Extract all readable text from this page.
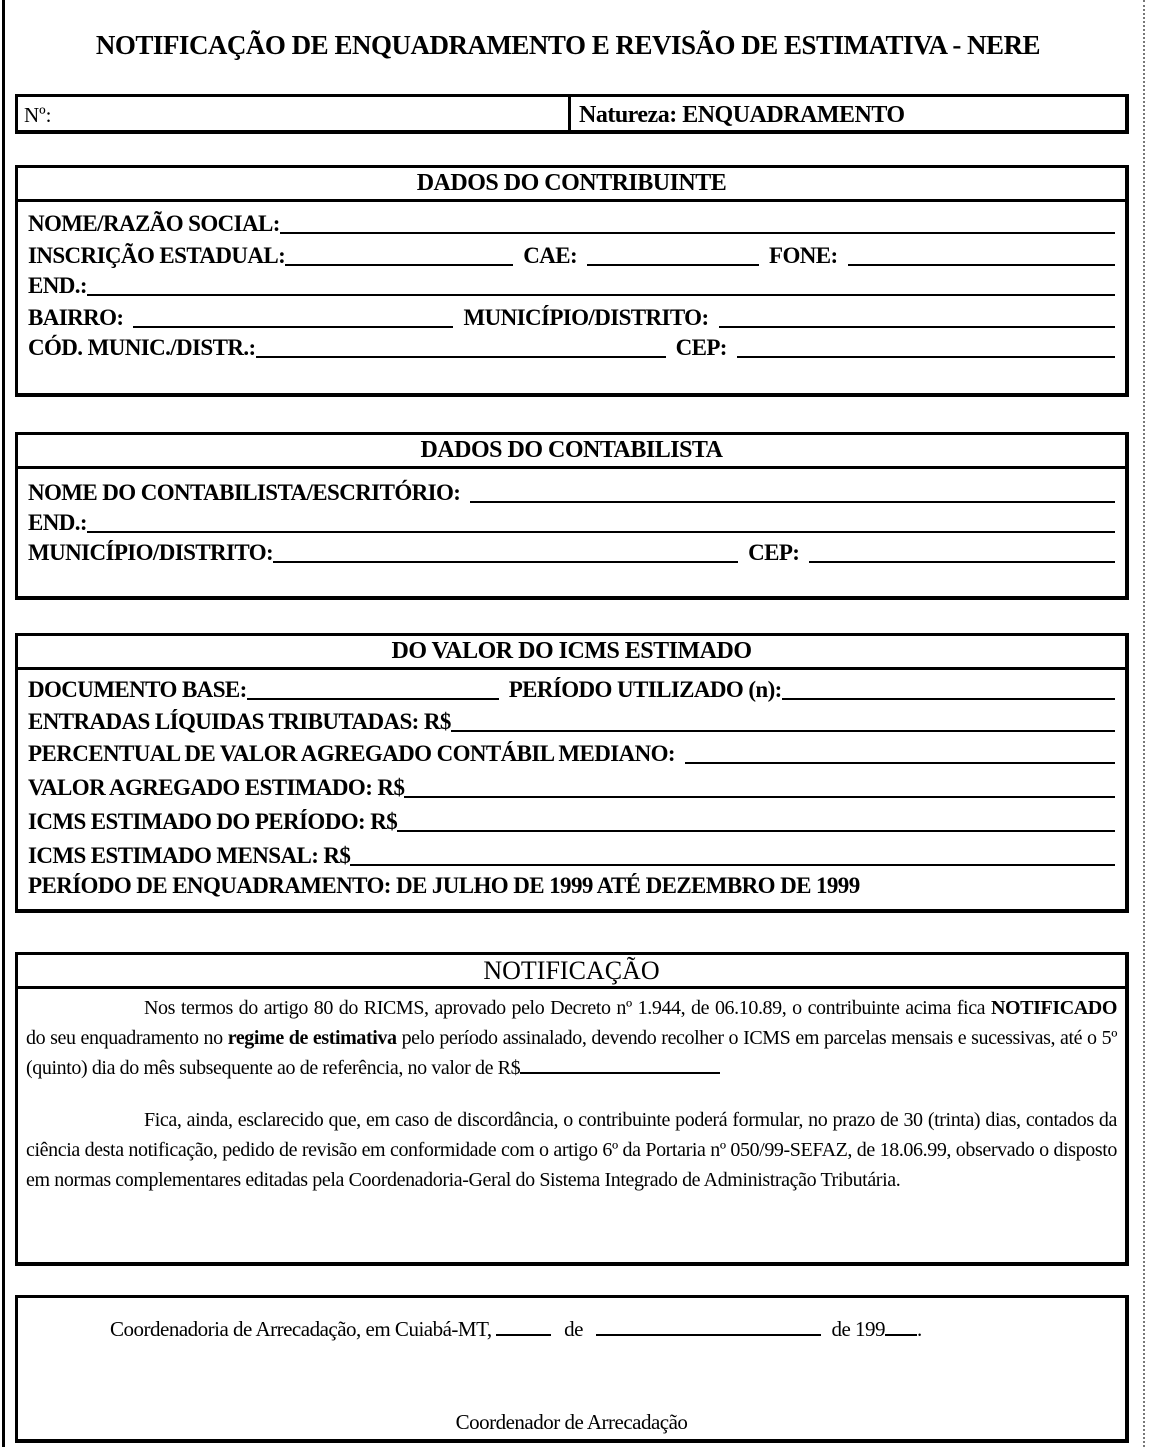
NOTIFICAÇÃO DE ENQUADRAMENTO E REVISÃO DE ESTIMATIVA - NERE
Nº:	Natureza: ENQUADRAMENTO
DADOS DO CONTRIBUINTE
NOME/RAZÃO SOCIAL:
INSCRIÇÃO ESTADUAL:	CAE:	FONE:
END.:
BAIRRO:	MUNICÍPIO/DISTRITO:
CÓD. MUNIC./DISTR.:	CEP:
DADOS DO CONTABILISTA
NOME DO CONTABILISTA/ESCRITÓRIO:
END.:
MUNICÍPIO/DISTRITO:	CEP:
DO VALOR DO ICMS ESTIMADO
DOCUMENTO BASE:	PERÍODO UTILIZADO (n):
ENTRADAS LÍQUIDAS TRIBUTADAS: R$
PERCENTUAL DE VALOR AGREGADO CONTÁBIL MEDIANO:
VALOR AGREGADO ESTIMADO: R$
ICMS ESTIMADO DO PERÍODO: R$
ICMS ESTIMADO MENSAL: R$
PERÍODO DE ENQUADRAMENTO: DE JULHO DE 1999 ATÉ DEZEMBRO DE 1999
NOTIFICAÇÃO

Nos termos do artigo 80 do RICMS, aprovado pelo Decreto nº 1.944, de 06.10.89, o contribuinte acima fica NOTIFICADO do seu enquadramento no regime de estimativa pelo período assinalado, devendo recolher o ICMS em parcelas mensais e sucessivas, até o 5º (quinto) dia do mês subsequente ao de referência, no valor de R$

Fica, ainda, esclarecido que, em caso de discordância, o contribuinte poderá formular, no prazo de 30 (trinta) dias, contados da ciência desta notificação, pedido de revisão em conformidade com o artigo 6º da Portaria nº 050/99-SEFAZ, de 18.06.99, observado o disposto em normas complementares editadas pela Coordenadoria-Geral do Sistema Integrado de Administração Tributária.

Coordenadoria de Arrecadação, em Cuiabá-MT,	de	de 199 .
Coordenador de Arrecadação
